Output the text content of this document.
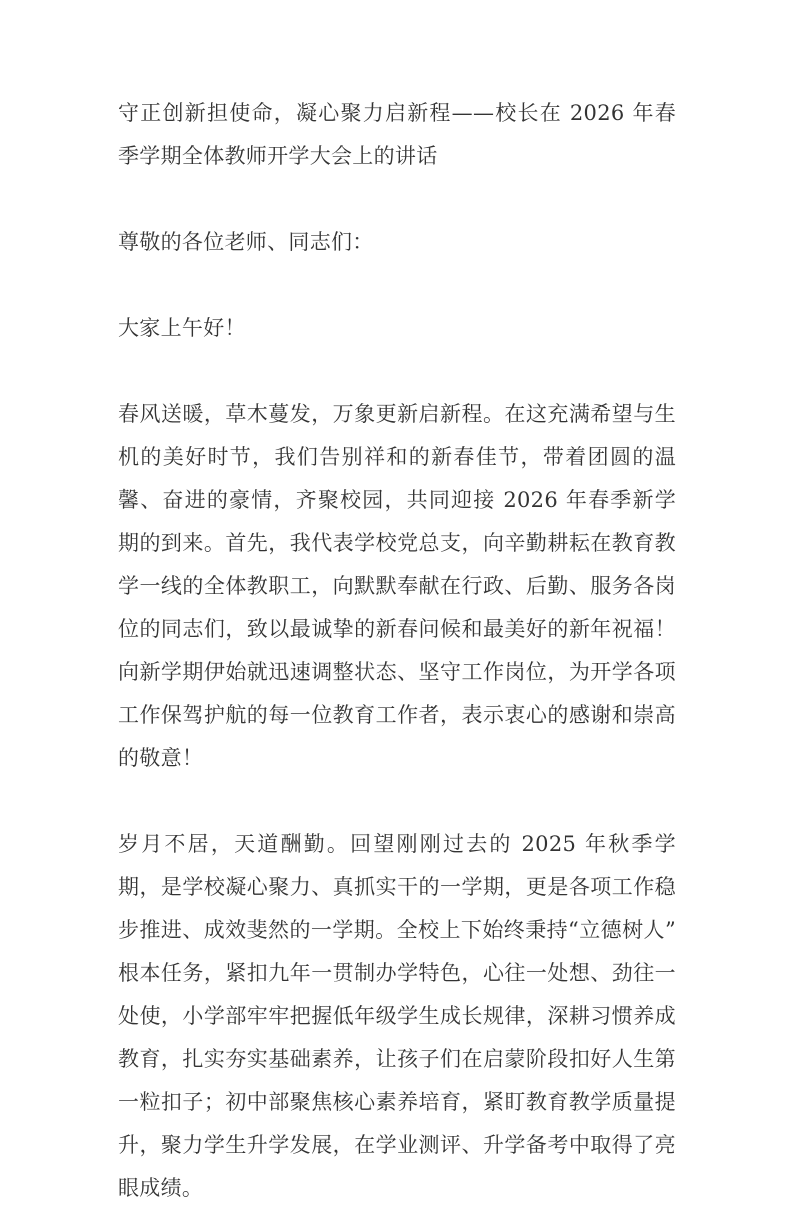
守正创新担使命，凝心聚力启新程——校长在 2026 年春季学期全体教师开学大会上的讲话

尊敬的各位老师、同志们：

大家上午好！

春风送暖，草木蔓发，万象更新启新程。在这充满希望与生机的美好时节，我们告别祥和的新春佳节，带着团圆的温馨、奋进的豪情，齐聚校园，共同迎接 2026 年春季新学期的到来。首先，我代表学校党总支，向辛勤耕耘在教育教学一线的全体教职工，向默默奉献在行政、后勤、服务各岗位的同志们，致以最诚挚的新春问候和最美好的新年祝福！向新学期伊始就迅速调整状态、坚守工作岗位，为开学各项工作保驾护航的每一位教育工作者，表示衷心的感谢和崇高的敬意！

岁月不居，天道酬勤。回望刚刚过去的 2025 年秋季学期，是学校凝心聚力、真抓实干的一学期，更是各项工作稳步推进、成效斐然的一学期。全校上下始终秉持“立德树人”根本任务，紧扣九年一贯制办学特色，心往一处想、劲往一处使，小学部牢牢把握低年级学生成长规律，深耕习惯养成教育，扎实夯实基础素养，让孩子们在启蒙阶段扣好人生第一粒扣子；初中部聚焦核心素养培育，紧盯教育教学质量提升，聚力学生升学发展，在学业测评、升学备考中取得了亮眼成绩。
